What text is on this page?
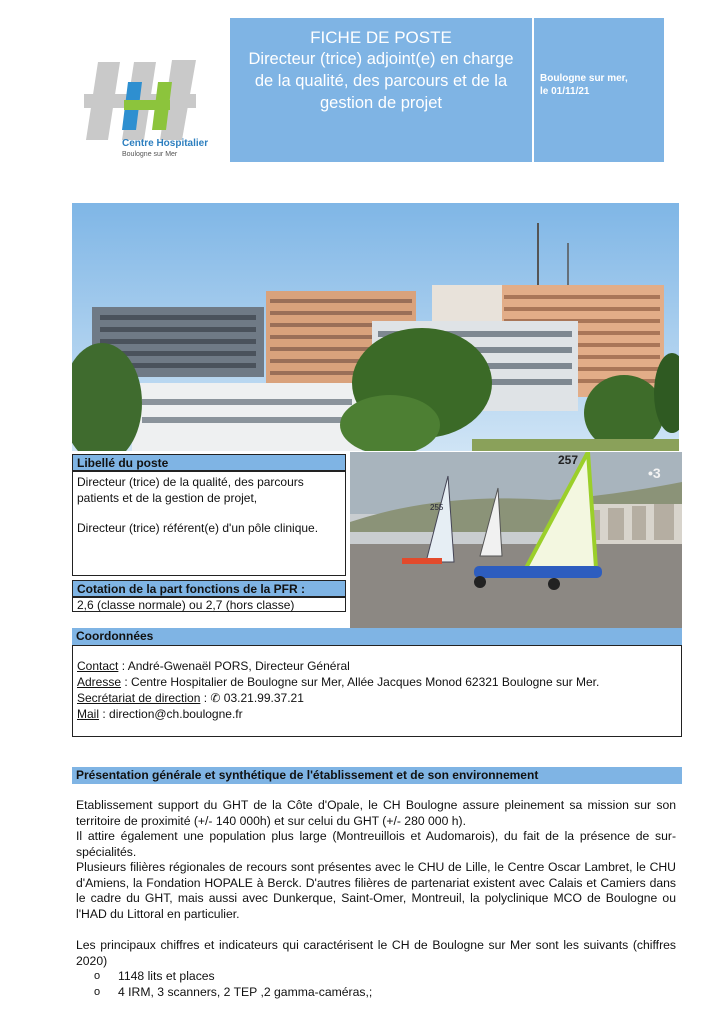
Centre Hospitalier
Boulogne sur Mer
FICHE DE POSTE
Directeur (trice) adjoint(e) en charge de la qualité, des parcours et de la gestion de projet
Boulogne sur mer,
le 01/11/21
255
257
•3
Libellé du poste

Directeur (trice) de la qualité, des parcours patients et de la gestion de projet,

Directeur (trice) référent(e) d'un pôle clinique.

Cotation de la part fonctions de la PFR :
2,6 (classe normale) ou 2,7 (hors classe)
Coordonnées
Contact : André-Gwenaël PORS, Directeur Général
Adresse : Centre Hospitalier de Boulogne sur Mer, Allée Jacques Monod 62321 Boulogne sur Mer.
Secrétariat de direction : ✆ 03.21.99.37.21
Mail : direction@ch.boulogne.fr
Présentation générale et synthétique de l'établissement et de son environnement

Etablissement support du GHT de la Côte d'Opale, le CH Boulogne assure pleinement sa mission sur son territoire de proximité (+/- 140 000h) et sur celui du GHT (+/- 280 000 h).

Il attire également une population plus large (Montreuillois et Audomarois), du fait de la présence de sur-spécialités.

Plusieurs filières régionales de recours sont présentes avec le CHU de Lille, le Centre Oscar Lambret, le CHU d'Amiens, la Fondation HOPALE à Berck. D'autres filières de partenariat existent avec Calais et Camiers dans le cadre du GHT, mais aussi avec Dunkerque, Saint-Omer, Montreuil, la polyclinique MCO de Boulogne ou l'HAD du Littoral en particulier.

Les principaux chiffres et indicateurs qui caractérisent le CH de Boulogne sur Mer sont les suivants (chiffres 2020)

o 1148 lits et places
o 4 IRM, 3 scanners, 2 TEP ,2 gamma-caméras,;
